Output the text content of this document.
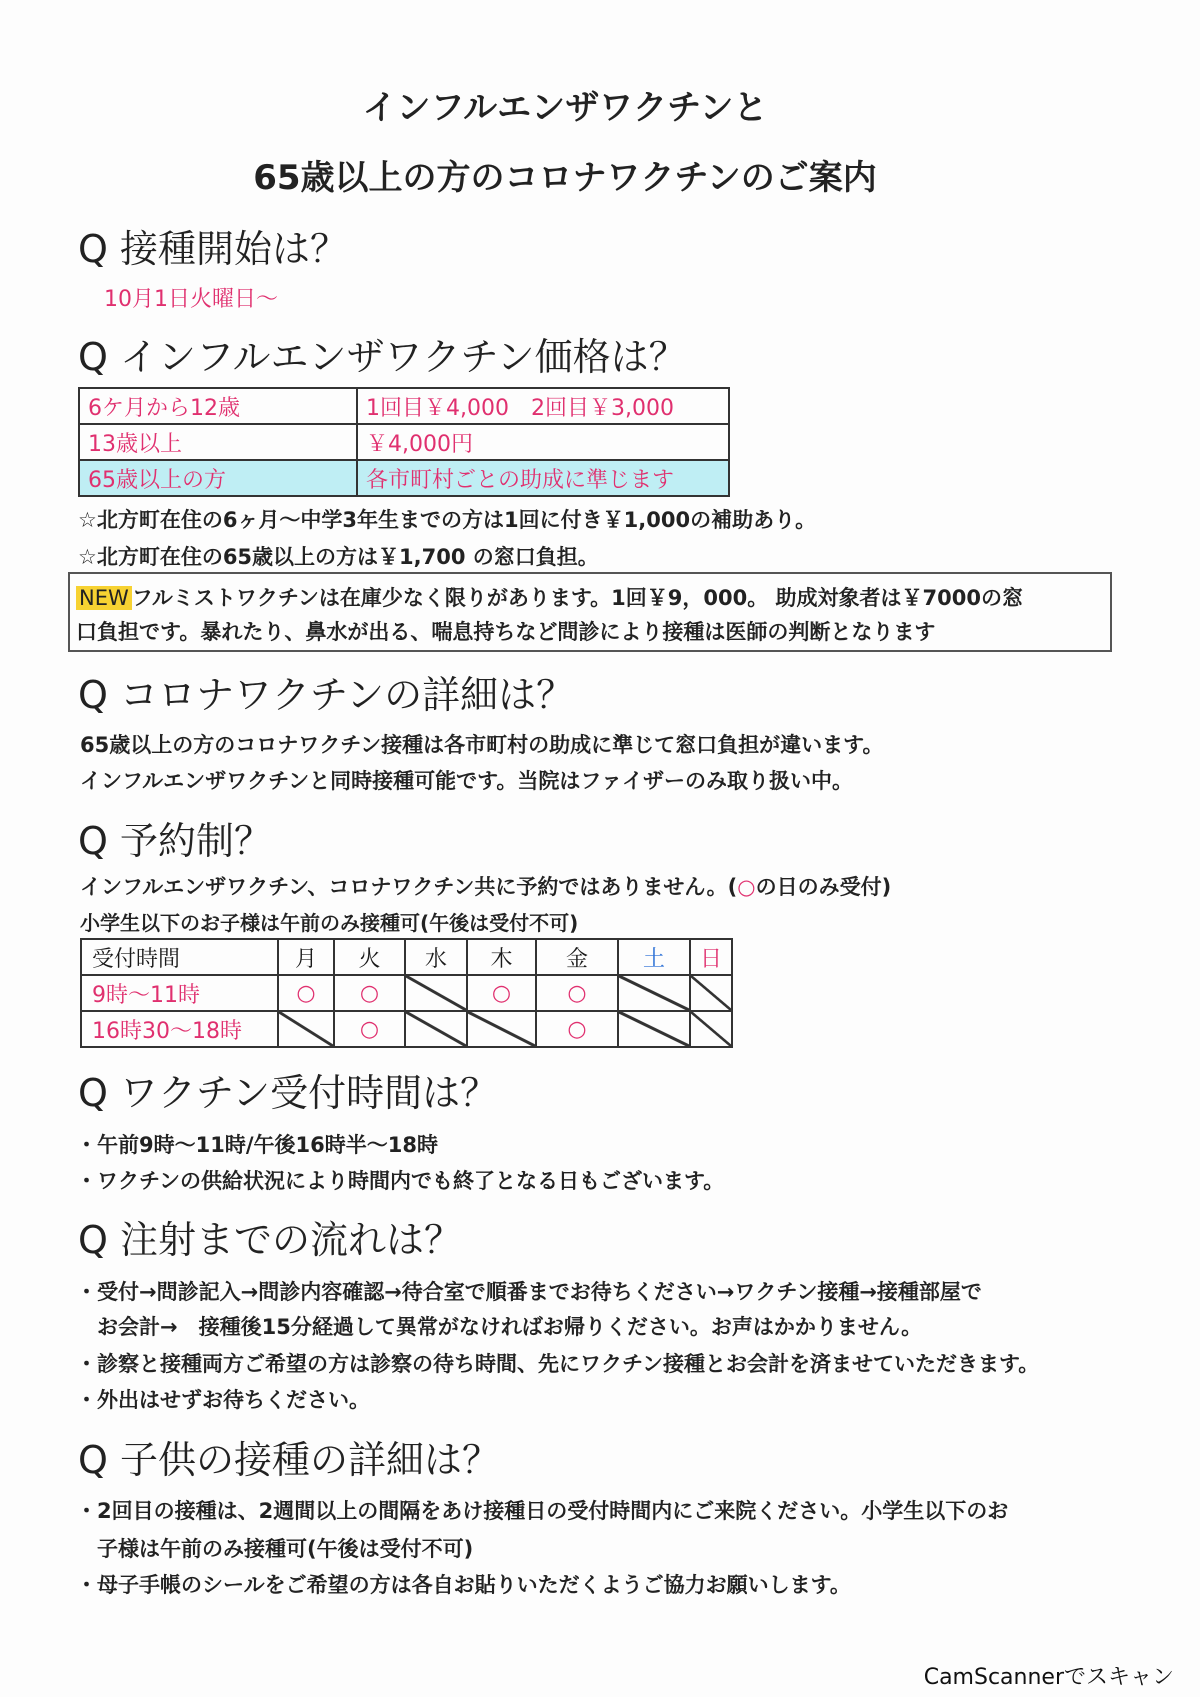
インフルエンザワクチンと
65歳以上の方のコロナワクチンのご案内
Q 接種開始は？
10月1日火曜日～
Q インフルエンザワクチン価格は？
6ケ月から12歳	1回目￥4,000　2回目￥3,000
13歳以上	￥4,000円
65歳以上の方	各市町村ごとの助成に準じます
☆北方町在住の6ヶ月～中学3年生までの方は1回に付き￥1,000の補助あり。
☆北方町在住の65歳以上の方は￥1,700 の窓口負担。
NEW フルミストワクチンは在庫少なく限りがあります。1回￥9，000。 助成対象者は￥7000の窓
口負担です。暴れたり、鼻水が出る、喘息持ちなど問診により接種は医師の判断となります
Q コロナワクチンの詳細は？
65歳以上の方のコロナワクチン接種は各市町村の助成に準じて窓口負担が違います。
インフルエンザワクチンと同時接種可能です。当院はファイザーのみ取り扱い中。
Q 予約制？
インフルエンザワクチン、コロナワクチン共に予約ではありません。(○の日のみ受付)
小学生以下のお子様は午前のみ接種可(午後は受付不可)
受付時間	月	火	水	木	金	土	日
9時～11時	○	○		○	○		
16時30～18時		○			○		
Q ワクチン受付時間は？
・午前9時～11時/午後16時半～18時
・ワクチンの供給状況により時間内でも終了となる日もございます。
Q 注射までの流れは？
・受付→問診記入→問診内容確認→待合室で順番までお待ちください→ワクチン接種→接種部屋で
　お会計→　接種後15分経過して異常がなければお帰りください。お声はかかりません。
・診察と接種両方ご希望の方は診察の待ち時間、先にワクチン接種とお会計を済ませていただきます。
・外出はせずお待ちください。
Q 子供の接種の詳細は？
・2回目の接種は、2週間以上の間隔をあけ接種日の受付時間内にご来院ください。小学生以下のお
　子様は午前のみ接種可(午後は受付不可)
・母子手帳のシールをご希望の方は各自お貼りいただくようご協力お願いします。
CamScannerでスキャン
